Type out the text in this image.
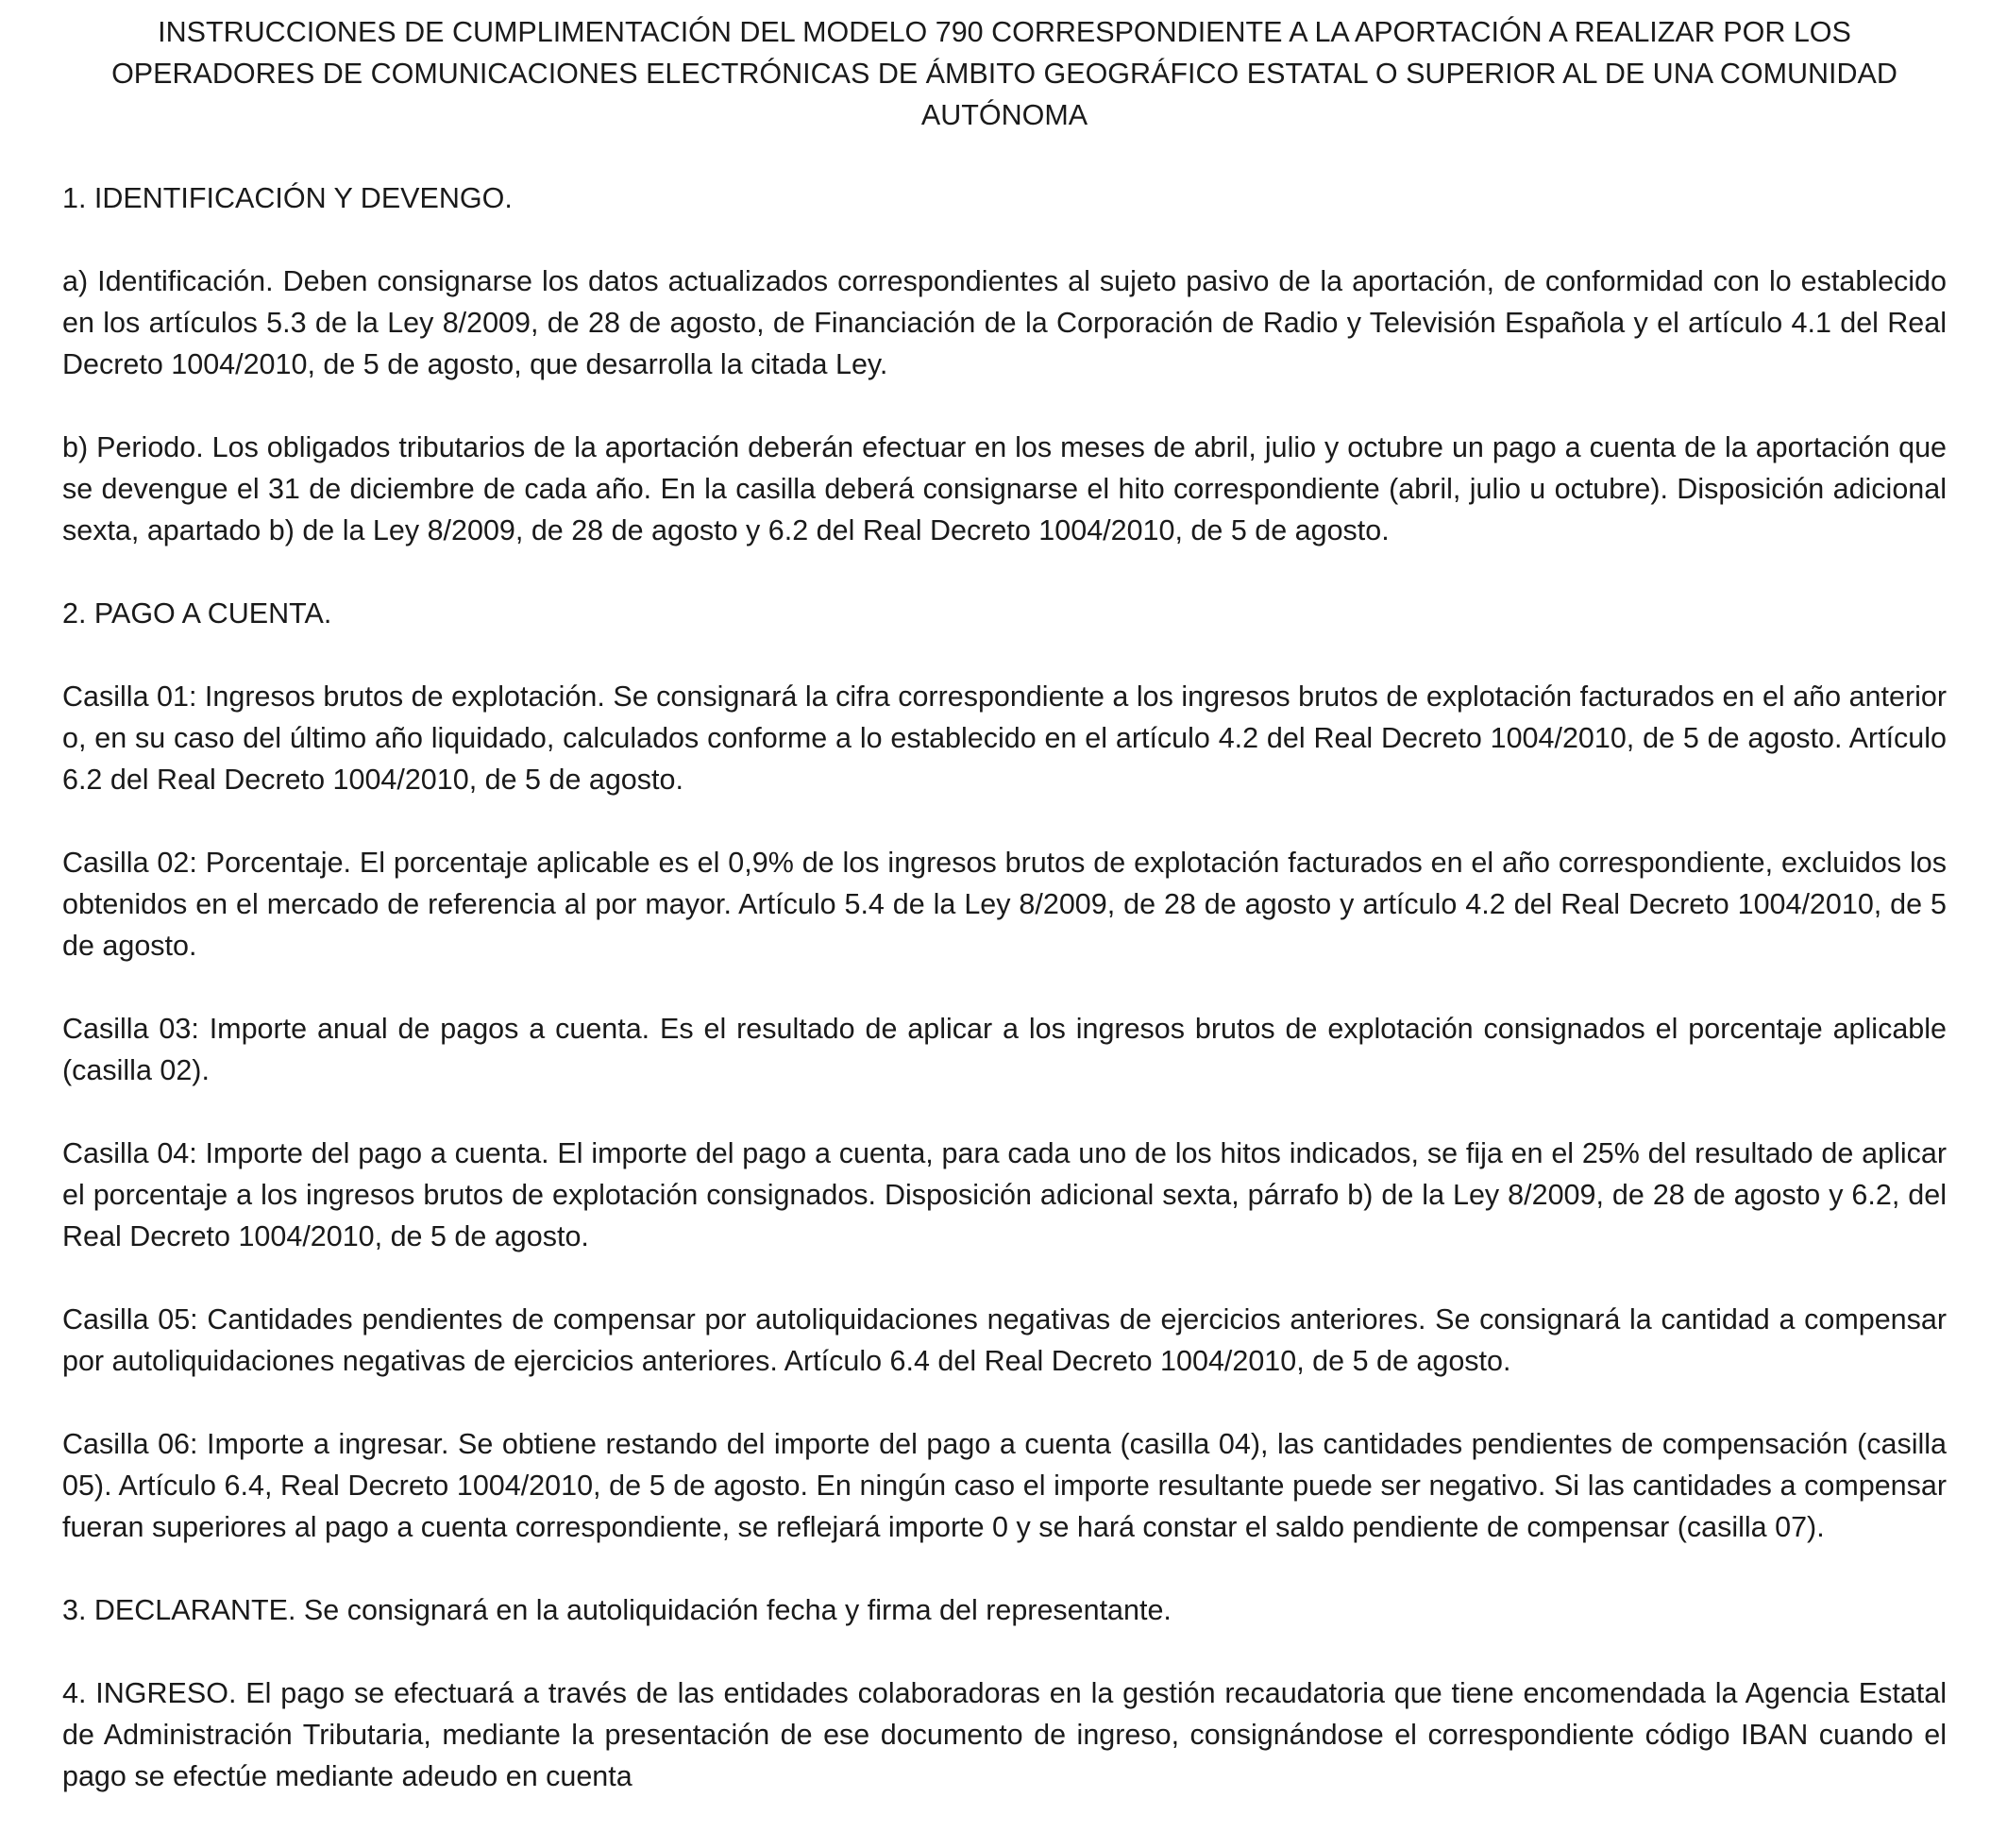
INSTRUCCIONES DE CUMPLIMENTACIÓN DEL MODELO 790 CORRESPONDIENTE A LA APORTACIÓN A REALIZAR POR LOS OPERADORES DE COMUNICACIONES ELECTRÓNICAS DE ÁMBITO GEOGRÁFICO ESTATAL O SUPERIOR AL DE UNA COMUNIDAD AUTÓNOMA

1. IDENTIFICACIÓN Y DEVENGO.

a) Identificación. Deben consignarse los datos actualizados correspondientes al sujeto pasivo de la aportación, de conformidad con lo establecido en los artículos 5.3 de la Ley 8/2009, de 28 de agosto, de Financiación de la Corporación de Radio y Televisión Española y el artículo 4.1 del Real Decreto 1004/2010, de 5 de agosto, que desarrolla la citada Ley.

b) Periodo. Los obligados tributarios de la aportación deberán efectuar en los meses de abril, julio y octubre un pago a cuenta de la aportación que se devengue el 31 de diciembre de cada año. En la casilla deberá consignarse el hito correspondiente (abril, julio u octubre). Disposición adicional sexta, apartado b) de la Ley 8/2009, de 28 de agosto y 6.2 del Real Decreto 1004/2010, de 5 de agosto.

2. PAGO A CUENTA.

Casilla 01: Ingresos brutos de explotación. Se consignará la cifra correspondiente a los ingresos brutos de explotación facturados en el año anterior o, en su caso del último año liquidado, calculados conforme a lo establecido en el artículo 4.2 del Real Decreto 1004/2010, de 5 de agosto. Artículo 6.2 del Real Decreto 1004/2010, de 5 de agosto.

Casilla 02: Porcentaje. El porcentaje aplicable es el 0,9% de los ingresos brutos de explotación facturados en el año correspondiente, excluidos los obtenidos en el mercado de referencia al por mayor. Artículo 5.4 de la Ley 8/2009, de 28 de agosto y artículo 4.2 del Real Decreto 1004/2010, de 5 de agosto.

Casilla 03: Importe anual de pagos a cuenta. Es el resultado de aplicar a los ingresos brutos de explotación consignados el porcentaje aplicable (casilla 02).

Casilla 04: Importe del pago a cuenta. El importe del pago a cuenta, para cada uno de los hitos indicados, se fija en el 25% del resultado de aplicar el porcentaje a los ingresos brutos de explotación consignados. Disposición adicional sexta, párrafo b) de la Ley 8/2009, de 28 de agosto y 6.2, del Real Decreto 1004/2010, de 5 de agosto.

Casilla 05: Cantidades pendientes de compensar por autoliquidaciones negativas de ejercicios anteriores. Se consignará la cantidad a compensar por autoliquidaciones negativas de ejercicios anteriores. Artículo 6.4 del Real Decreto 1004/2010, de 5 de agosto.

Casilla 06: Importe a ingresar. Se obtiene restando del importe del pago a cuenta (casilla 04), las cantidades pendientes de compensación (casilla 05). Artículo 6.4, Real Decreto 1004/2010, de 5 de agosto. En ningún caso el importe resultante puede ser negativo. Si las cantidades a compensar fueran superiores al pago a cuenta correspondiente, se reflejará importe 0 y se hará constar el saldo pendiente de compensar (casilla 07).

3. DECLARANTE. Se consignará en la autoliquidación fecha y firma del representante.

4. INGRESO. El pago se efectuará a través de las entidades colaboradoras en la gestión recaudatoria que tiene encomendada la Agencia Estatal de Administración Tributaria, mediante la presentación de ese documento de ingreso, consignándose el correspondiente código IBAN cuando el pago se efectúe mediante adeudo en cuenta
